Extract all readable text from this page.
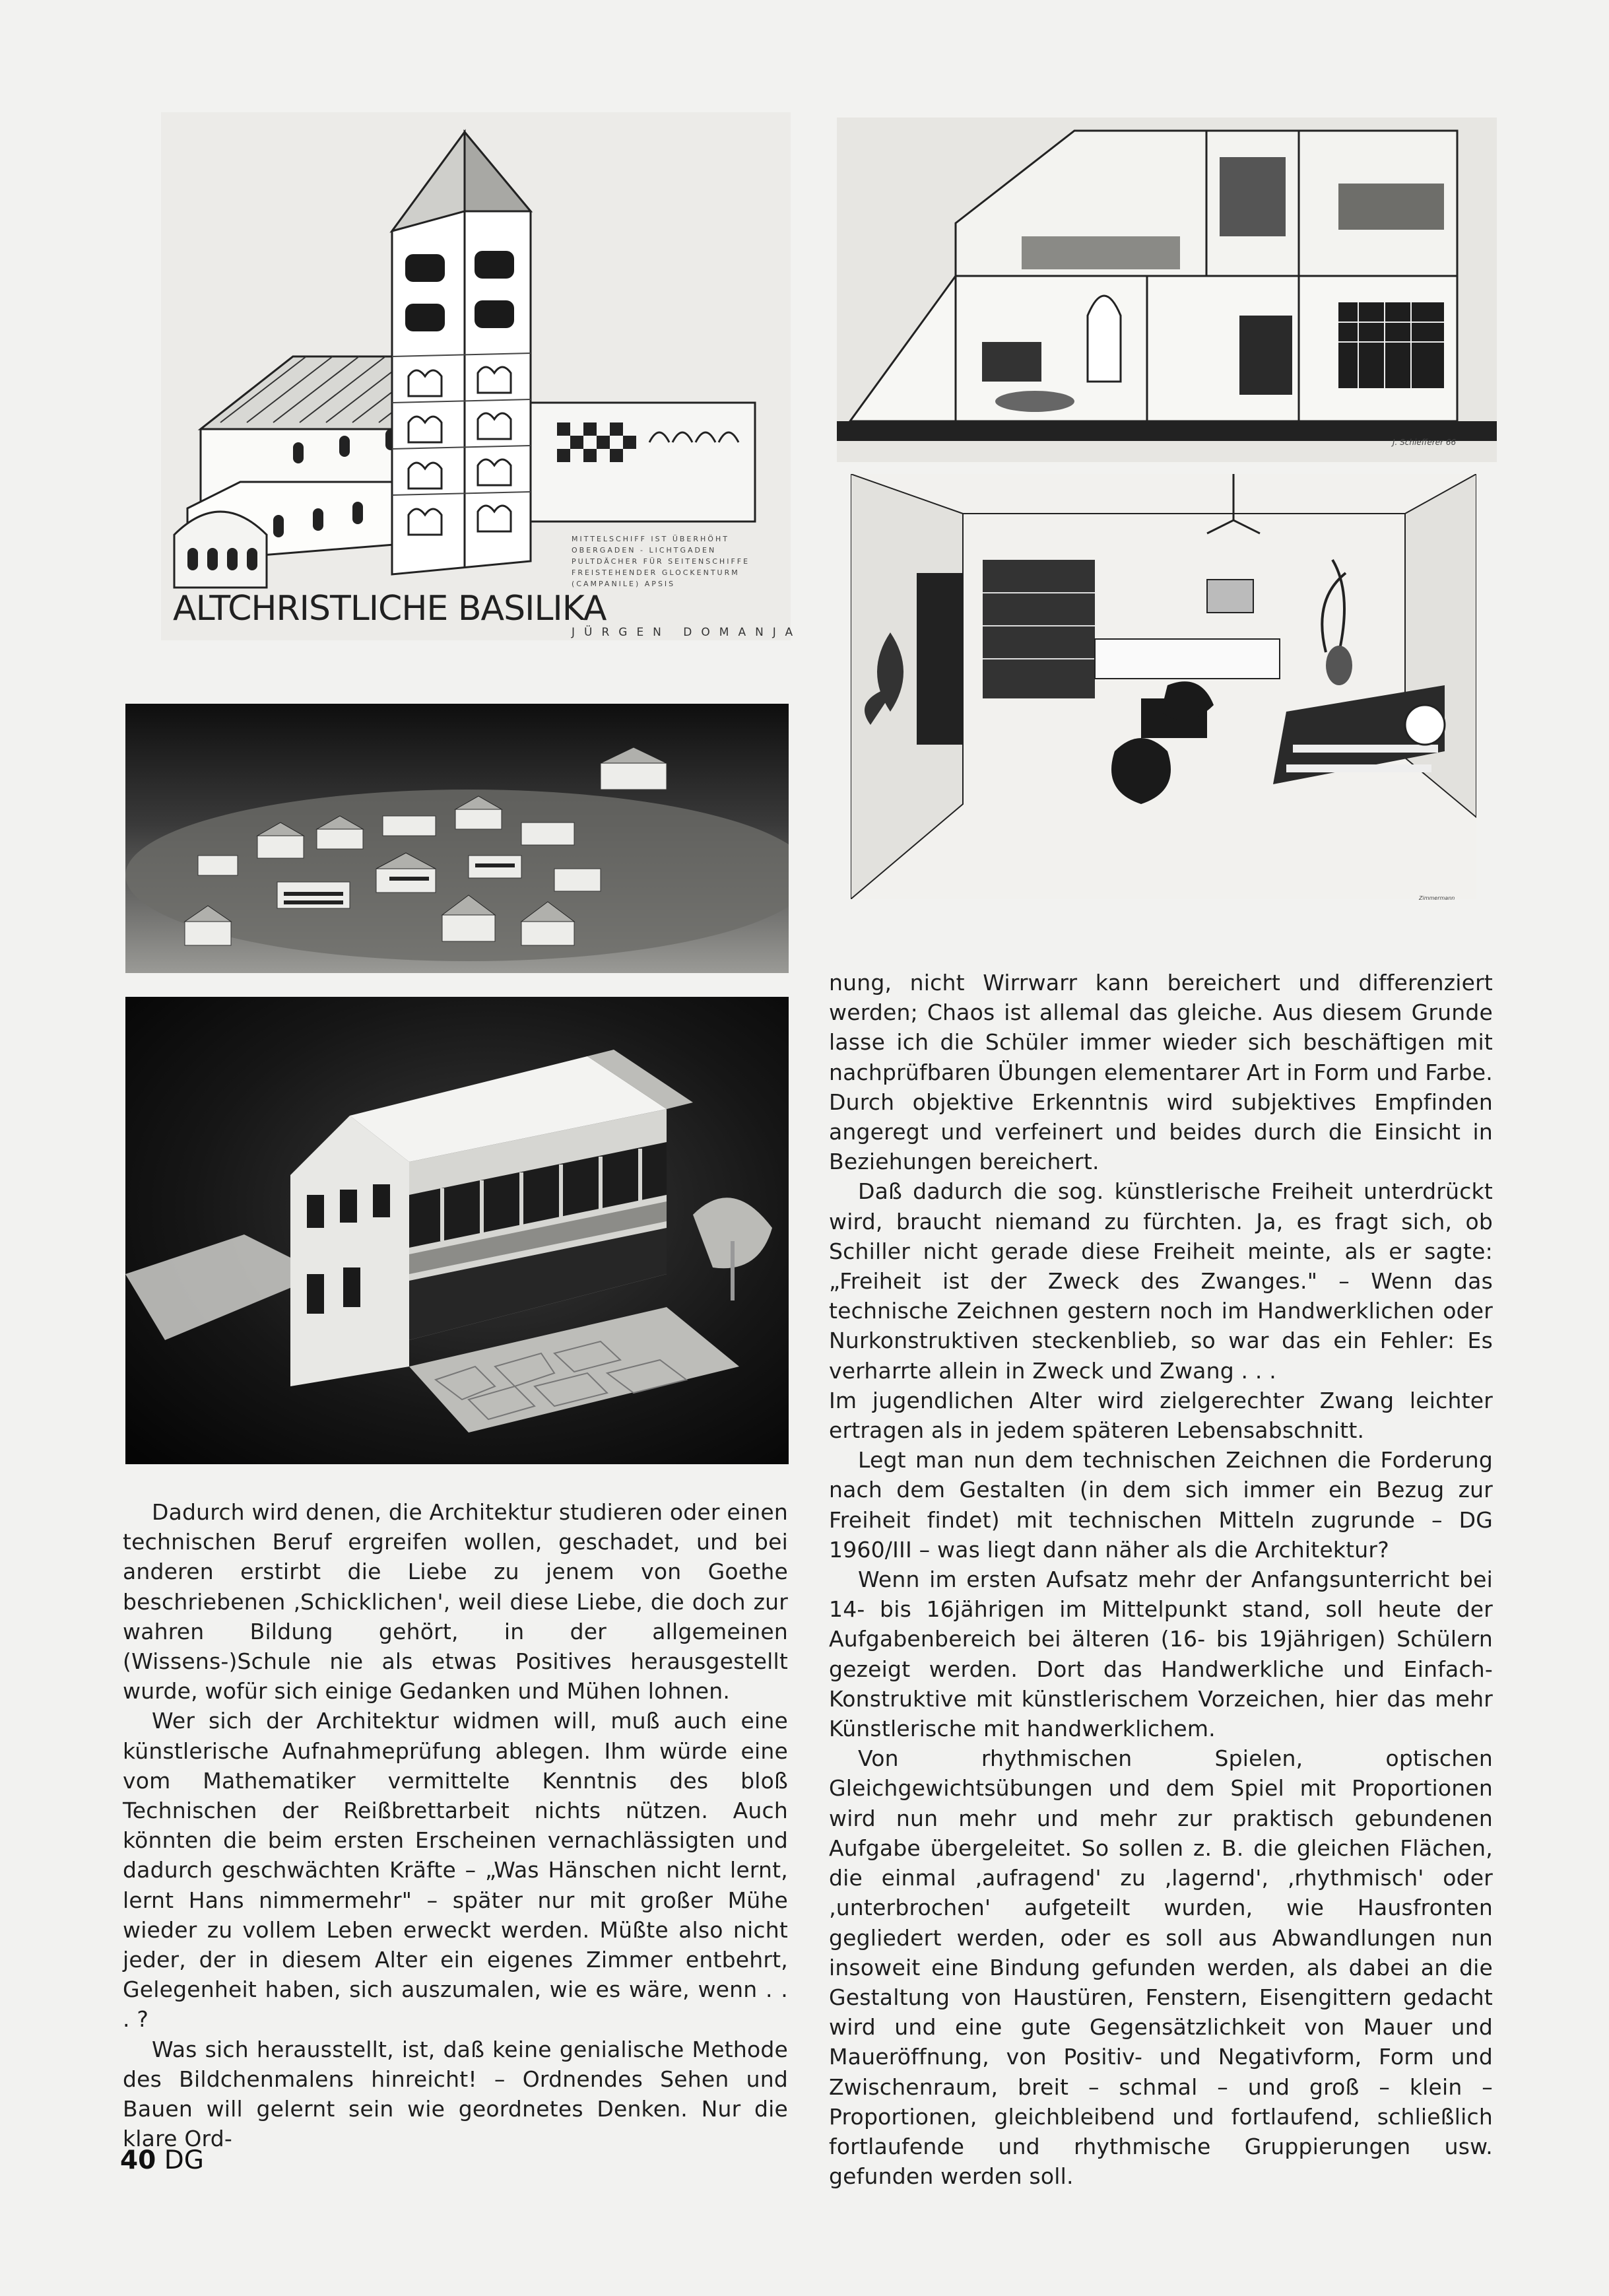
ALTCHRISTLICHE BASILIKA
MITTELSCHIFF IST ÜBERHÖHT
OBERGADEN - LICHTGADEN
PULTDÄCHER FÜR SEITENSCHIFFE
FREISTEHENDER GLOCKENTURM
(CAMPANILE) APSIS
JÜRGEN DOMANJA
J. Schiefferer 66
Zimmermann

Dadurch wird denen, die Architektur studieren oder einen technischen Beruf ergreifen wollen, geschadet, und bei anderen erstirbt die Liebe zu jenem von Goethe beschriebenen ‚Schicklichen', weil diese Liebe, die doch zur wahren Bildung gehört, in der allgemeinen (Wissens-)Schule nie als etwas Positives herausgestellt wurde, wofür sich einige Gedanken und Mühen lohnen.

Wer sich der Architektur widmen will, muß auch eine künstlerische Aufnahmeprüfung ablegen. Ihm würde eine vom Mathematiker vermittelte Kenntnis des bloß Technischen der Reißbrettarbeit nichts nützen. Auch könnten die beim ersten Erscheinen vernachlässigten und dadurch geschwächten Kräfte – „Was Hänschen nicht lernt, lernt Hans nimmermehr" – später nur mit großer Mühe wieder zu vollem Leben erweckt werden. Müßte also nicht jeder, der in diesem Alter ein eigenes Zimmer entbehrt, Gelegenheit haben, sich auszumalen, wie es wäre, wenn . . . ?

Was sich herausstellt, ist, daß keine genialische Methode des Bildchenmalens hinreicht! – Ordnendes Sehen und Bauen will gelernt sein wie geordnetes Denken. Nur die klare Ord-

nung, nicht Wirrwarr kann bereichert und differenziert werden; Chaos ist allemal das gleiche. Aus diesem Grunde lasse ich die Schüler immer wieder sich beschäftigen mit nachprüfbaren Übungen elementarer Art in Form und Farbe. Durch objektive Erkenntnis wird subjektives Empfinden angeregt und verfeinert und beides durch die Einsicht in Beziehungen bereichert.

Daß dadurch die sog. künstlerische Freiheit unterdrückt wird, braucht niemand zu fürchten. Ja, es fragt sich, ob Schiller nicht gerade diese Freiheit meinte, als er sagte: „Freiheit ist der Zweck des Zwanges." – Wenn das technische Zeichnen gestern noch im Handwerklichen oder Nurkonstruktiven steckenblieb, so war das ein Fehler: Es verharrte allein in Zweck und Zwang . . .

Im jugendlichen Alter wird zielgerechter Zwang leichter ertragen als in jedem späteren Lebensabschnitt.

Legt man nun dem technischen Zeichnen die Forderung nach dem Gestalten (in dem sich immer ein Bezug zur Freiheit findet) mit technischen Mitteln zugrunde – DG 1960/III – was liegt dann näher als die Architektur?

Wenn im ersten Aufsatz mehr der Anfangsunterricht bei 14- bis 16jährigen im Mittelpunkt stand, soll heute der Aufgabenbereich bei älteren (16- bis 19jährigen) Schülern gezeigt werden. Dort das Handwerkliche und Einfach-Konstruktive mit künstlerischem Vorzeichen, hier das mehr Künstlerische mit handwerklichem.

Von rhythmischen Spielen, optischen Gleichgewichtsübungen und dem Spiel mit Proportionen wird nun mehr und mehr zur praktisch gebundenen Aufgabe übergeleitet. So sollen z. B. die gleichen Flächen, die einmal ‚aufragend' zu ‚lagernd', ‚rhythmisch' oder ‚unterbrochen' aufgeteilt wurden, wie Hausfronten gegliedert werden, oder es soll aus Abwandlungen nun insoweit eine Bindung gefunden werden, als dabei an die Gestaltung von Haustüren, Fenstern, Eisengittern gedacht wird und eine gute Gegensätzlichkeit von Mauer und Maueröffnung, von Positiv- und Negativform, Form und Zwischenraum, breit – schmal – und groß – klein – Proportionen, gleichbleibend und fortlaufend, schließlich fortlaufende und rhythmische Gruppierungen usw. gefunden werden soll.

40 DG
